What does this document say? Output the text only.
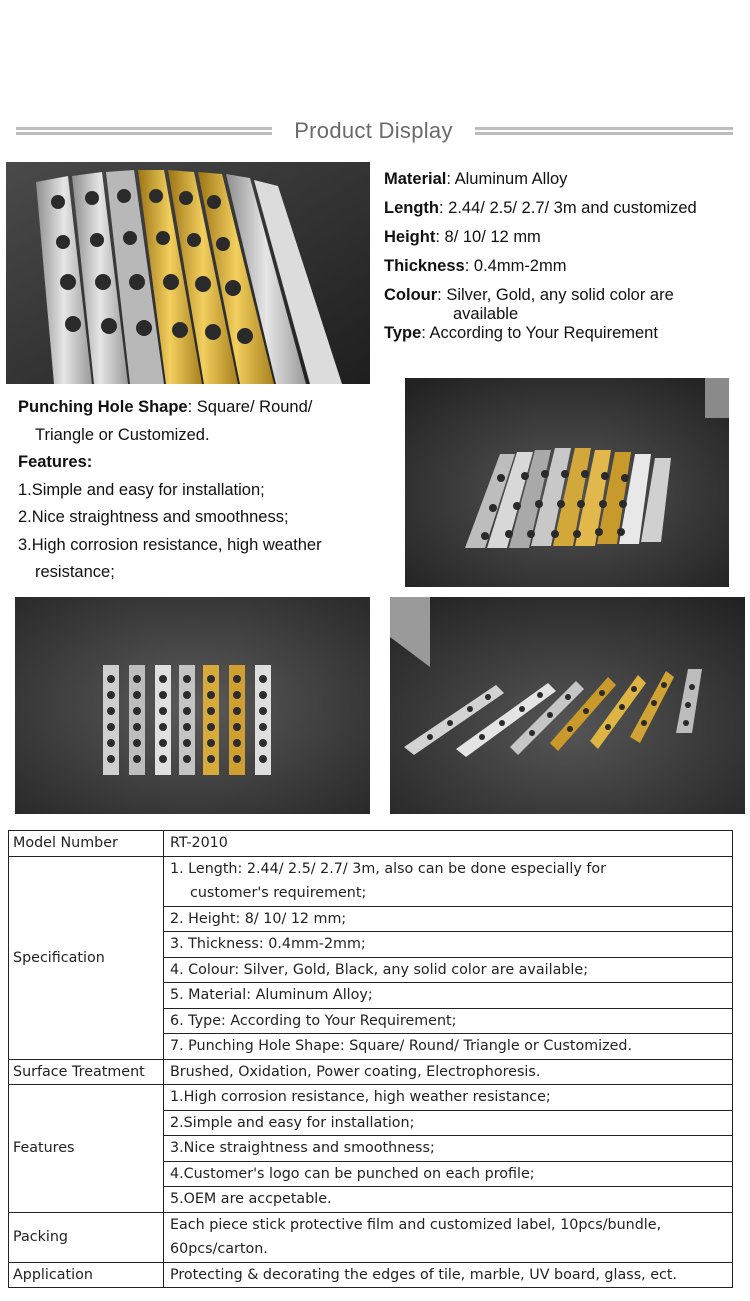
Product Display
Material: Aluminum Alloy
Length: 2.44/ 2.5/ 2.7/ 3m and customized
Height: 8/ 10/ 12 mm
Thickness: 0.4mm-2mm
Colour: Silver, Gold, any solid color are
available
Type: According to Your Requirement
Punching Hole Shape: Square/ Round/
Triangle or Customized.
Features:
1.Simple and easy for installation;
2.Nice straightness and smoothness;
3.High corrosion resistance, high weather
resistance;
Model Number	RT-2010
Specification	1. Length: 2.44/ 2.5/ 2.7/ 3m, also can be done especially for
customer's requirement;

	2. Height: 8/ 10/ 12 mm;
	3. Thickness: 0.4mm-2mm;
	4. Colour: Silver, Gold, Black, any solid color are available;
	5. Material: Aluminum Alloy;
	6. Type: According to Your Requirement;
	7. Punching Hole Shape: Square/ Round/ Triangle or Customized.
Surface Treatment	Brushed, Oxidation, Power coating, Electrophoresis.
Features	1.High corrosion resistance, high weather resistance;
	2.Simple and easy for installation;
	3.Nice straightness and smoothness;
	4.Customer's logo can be punched on each profile;
	5.OEM are accpetable.
Packing	Each piece stick protective film and customized label, 10pcs/bundle,
60pcs/carton.

Application	Protecting & decorating the edges of tile, marble, UV board, glass, ect.
